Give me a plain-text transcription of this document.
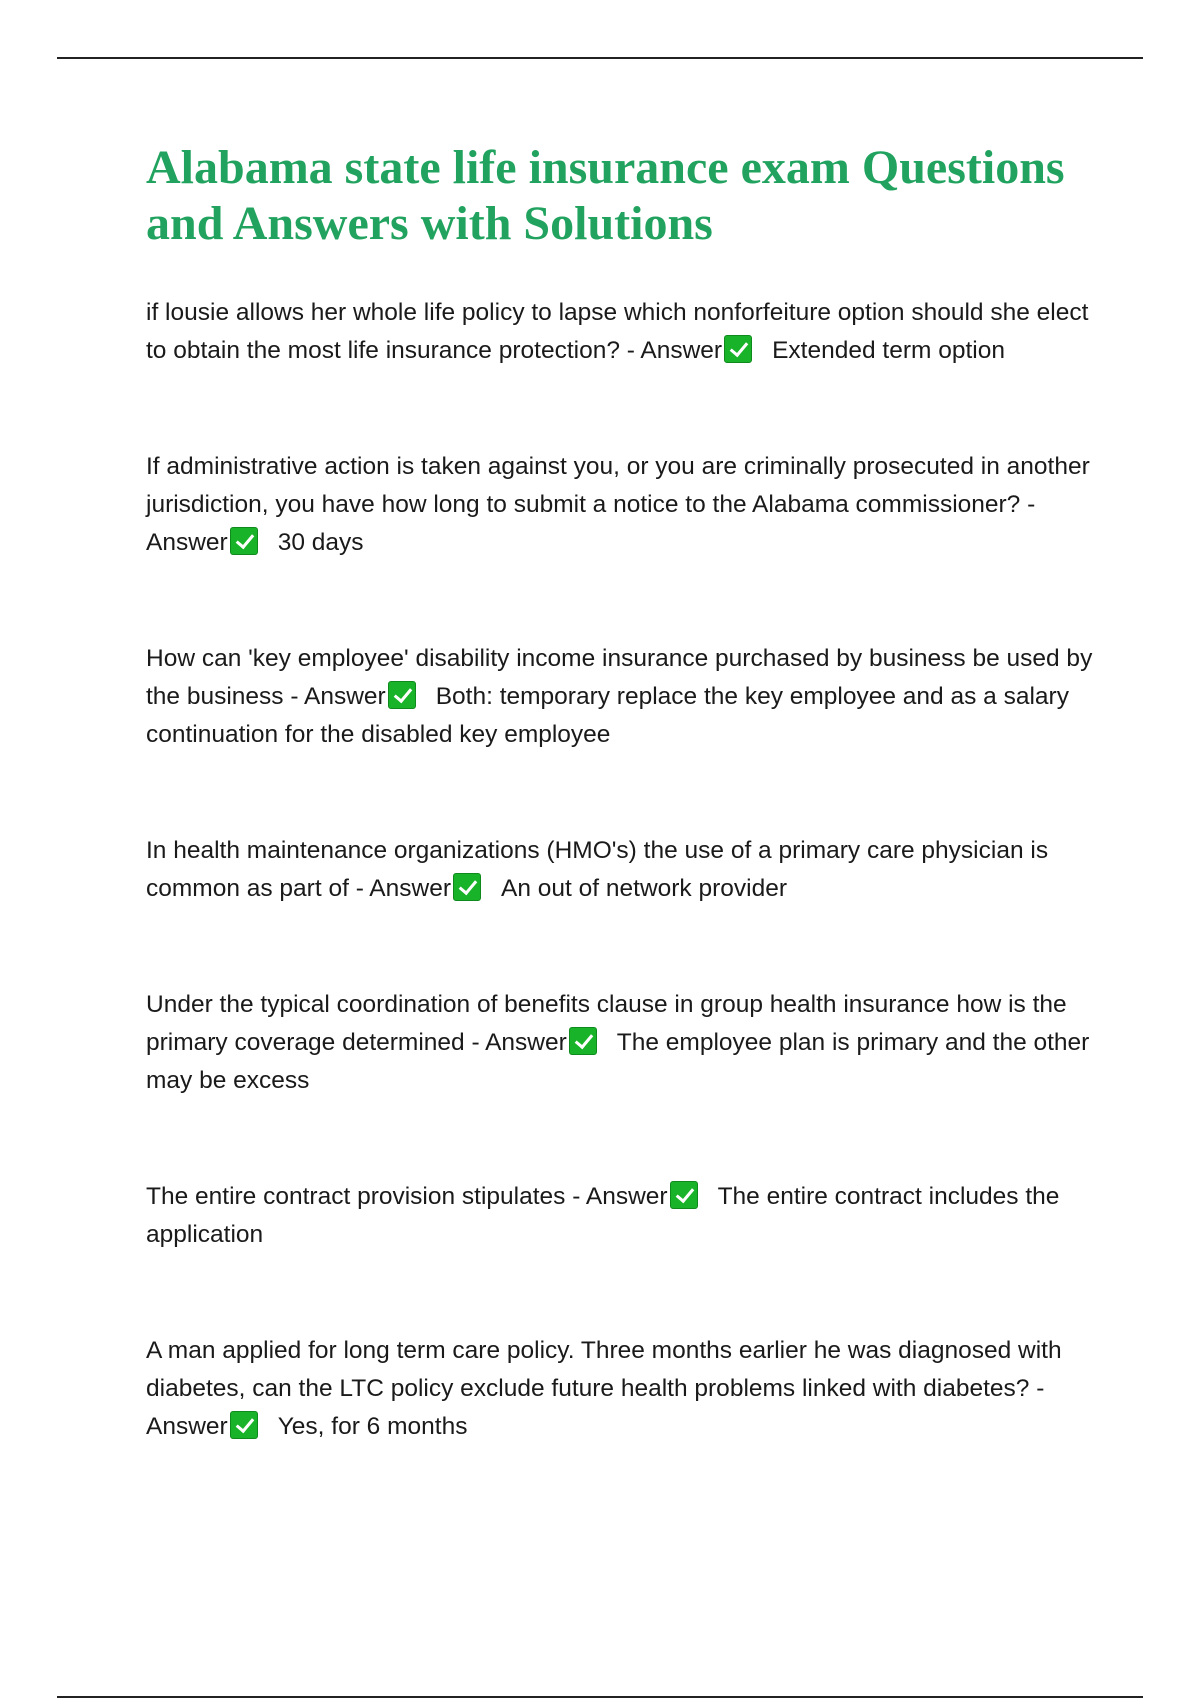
Alabama state life insurance exam Questions and Answers with Solutions

if lousie allows her whole life policy to lapse which nonforfeiture option should she elect to obtain the most life insurance protection? - Answer Extended term option

If administrative action is taken against you, or you are criminally prosecuted in another jurisdiction, you have how long to submit a notice to the Alabama commissioner? - Answer 30 days

How can 'key employee' disability income insurance purchased by business be used by the business - Answer Both: temporary replace the key employee and as a salary continuation for the disabled key employee

In health maintenance organizations (HMO's) the use of a primary care physician is common as part of - Answer An out of network provider

Under the typical coordination of benefits clause in group health insurance how is the primary coverage determined - Answer The employee plan is primary and the other may be excess

The entire contract provision stipulates - Answer The entire contract includes the application

A man applied for long term care policy. Three months earlier he was diagnosed with diabetes, can the LTC policy exclude future health problems linked with diabetes? - Answer Yes, for 6 months
